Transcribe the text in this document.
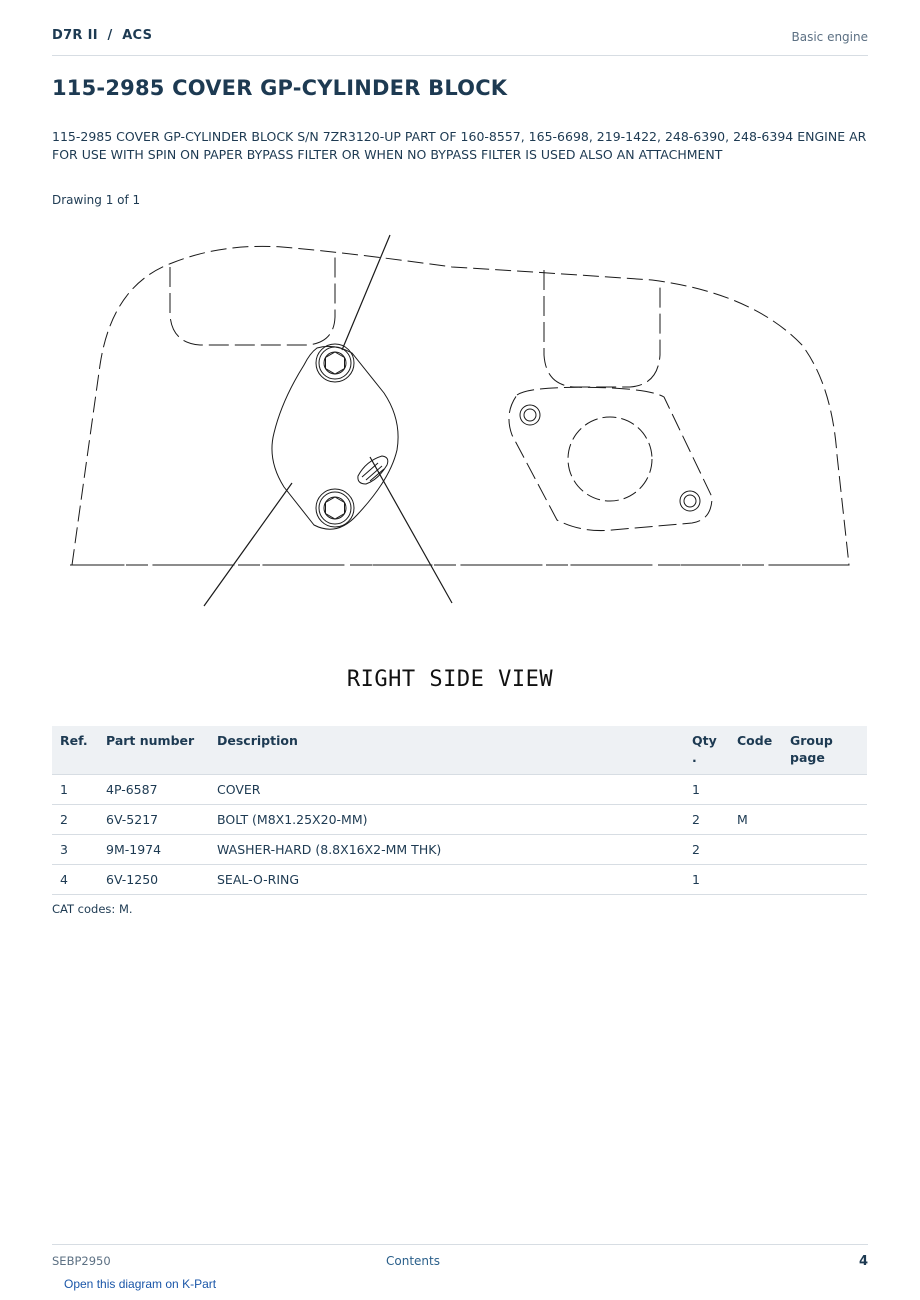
D7R II  /  ACS	Basic engine
115-2985 COVER GP-CYLINDER BLOCK
115-2985 COVER GP-CYLINDER BLOCK S/N 7ZR3120-UP PART OF 160-8557, 165-6698, 219-1422, 248-6390, 248-6394 ENGINE AR FOR USE WITH SPIN ON PAPER BYPASS FILTER OR WHEN NO BYPASS FILTER IS USED ALSO AN ATTACHMENT
Drawing 1 of 1
RIGHT SIDE VIEW
Ref.	Part number	Description	Qty .	Code	Group page
1	4P-6587	COVER	1		
2	6V-5217	BOLT (M8X1.25X20-MM)	2	M	
3	9M-1974	WASHER-HARD (8.8X16X2-MM THK)	2		
4	6V-1250	SEAL-O-RING	1		
CAT codes: M.
SEBP2950	Contents	4
Open this diagram on K-Part
